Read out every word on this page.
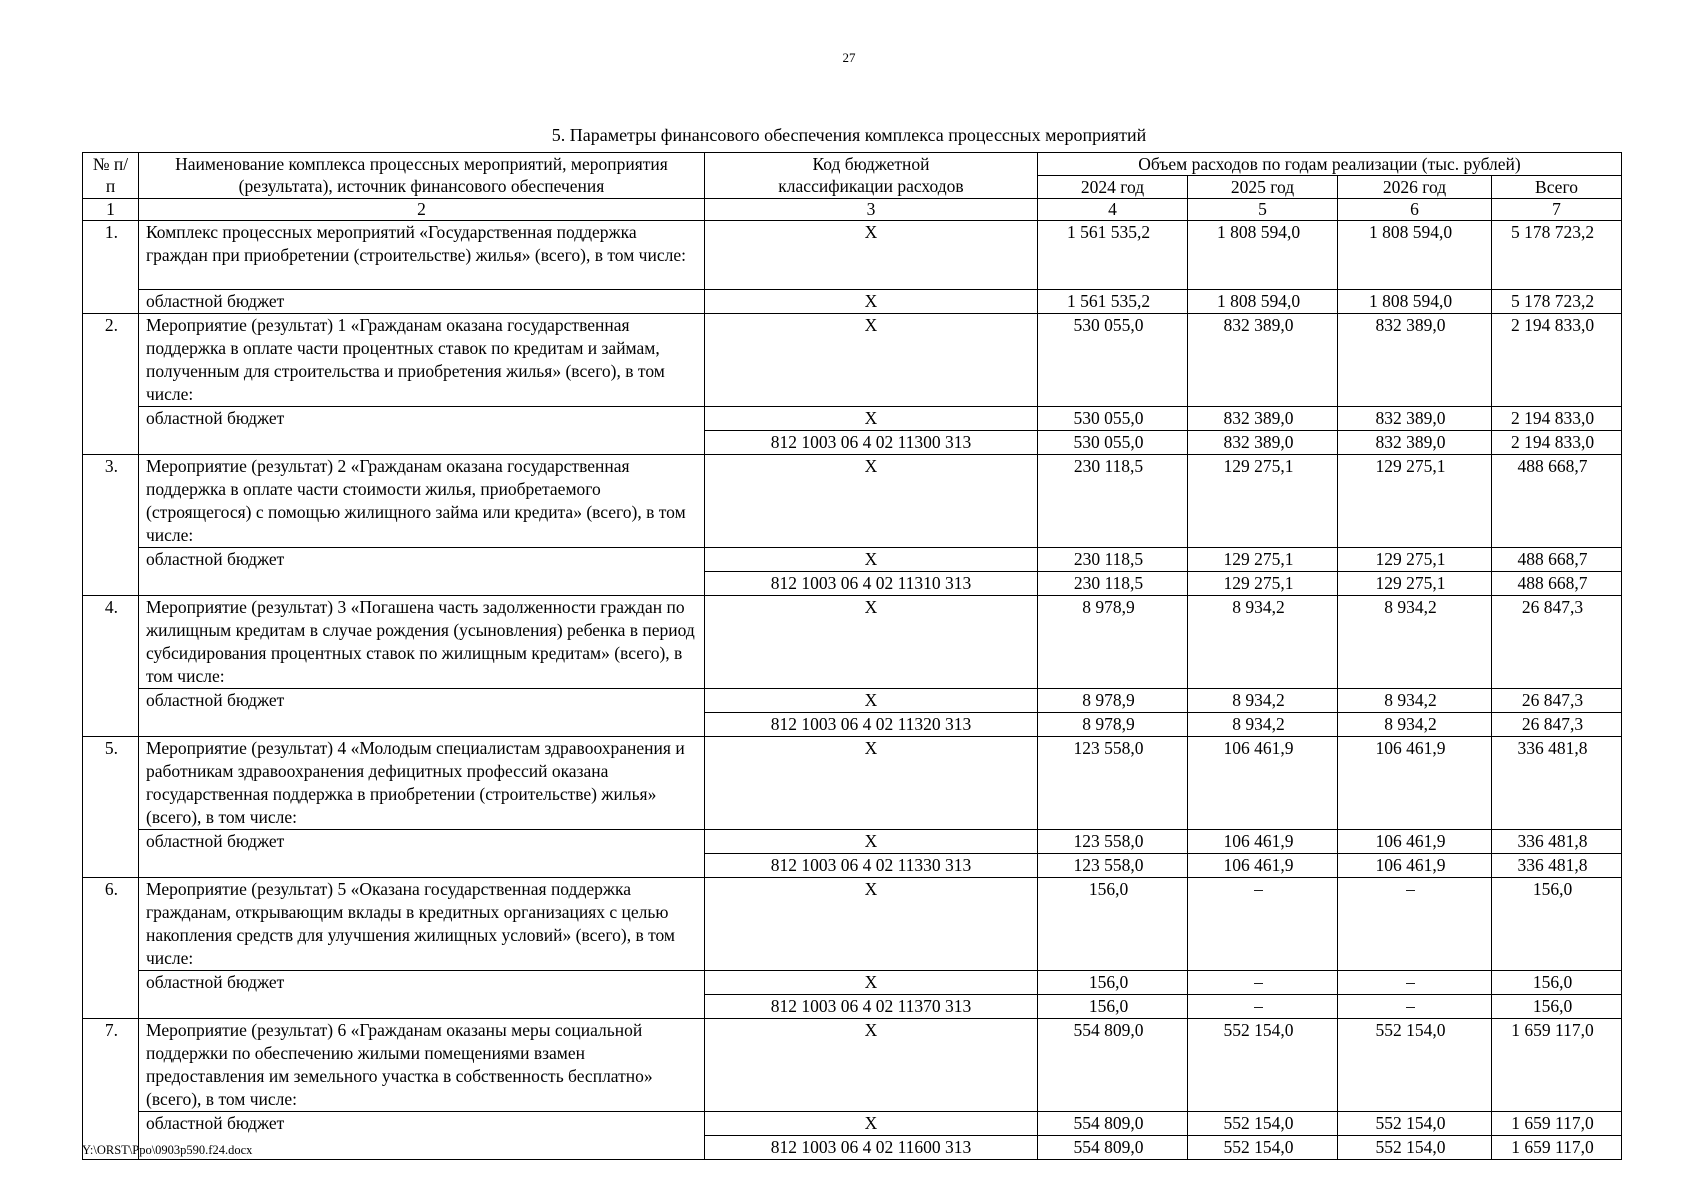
27
5. Параметры финансового обеспечения комплекса процессных мероприятий
№ п/п	Наименование комплекса процессных мероприятий, мероприятия (результата), источник финансового обеспечения	Код бюджетной классификации расходов	Объем расходов по годам реализации (тыс. рублей)			
			2024 год	2025 год	2026 год	Всего
1	2	3	4	5	6	7
1.	Комплекс процессных мероприятий «Государственная поддержка граждан при приобретении (строительстве) жилья» (всего), в том числе:	X	1 561 535,2	1 808 594,0	1 808 594,0	5 178 723,2
	областной бюджет	X	1 561 535,2	1 808 594,0	1 808 594,0	5 178 723,2
2.	Мероприятие (результат) 1 «Гражданам оказана государственная поддержка в оплате части процентных ставок по кредитам и займам, полученным для строительства и приобретения жилья» (всего), в том числе:	X	530 055,0	832 389,0	832 389,0	2 194 833,0
	областной бюджет	X	530 055,0	832 389,0	832 389,0	2 194 833,0
		812 1003 06 4 02 11300 313	530 055,0	832 389,0	832 389,0	2 194 833,0
3.	Мероприятие (результат) 2 «Гражданам оказана государственная поддержка в оплате части стоимости жилья, приобретаемого (строящегося) с помощью жилищного займа или кредита» (всего), в том числе:	X	230 118,5	129 275,1	129 275,1	488 668,7
	областной бюджет	X	230 118,5	129 275,1	129 275,1	488 668,7
		812 1003 06 4 02 11310 313	230 118,5	129 275,1	129 275,1	488 668,7
4.	Мероприятие (результат) 3 «Погашена часть задолженности граждан по жилищным кредитам в случае рождения (усыновления) ребенка в период субсидирования процентных ставок по жилищным кредитам» (всего), в том числе:	X	8 978,9	8 934,2	8 934,2	26 847,3
	областной бюджет	X	8 978,9	8 934,2	8 934,2	26 847,3
		812 1003 06 4 02 11320 313	8 978,9	8 934,2	8 934,2	26 847,3
5.	Мероприятие (результат) 4 «Молодым специалистам здравоохранения и работникам здравоохранения дефицитных профессий оказана государственная поддержка в приобретении (строительстве) жилья» (всего), в том числе:	X	123 558,0	106 461,9	106 461,9	336 481,8
	областной бюджет	X	123 558,0	106 461,9	106 461,9	336 481,8
		812 1003 06 4 02 11330 313	123 558,0	106 461,9	106 461,9	336 481,8
6.	Мероприятие (результат) 5 «Оказана государственная поддержка гражданам, открывающим вклады в кредитных организациях с целью накопления средств для улучшения жилищных условий» (всего), в том числе:	X	156,0	–	–	156,0
	областной бюджет	X	156,0	–	–	156,0
		812 1003 06 4 02 11370 313	156,0	–	–	156,0
7.	Мероприятие (результат) 6 «Гражданам оказаны меры социальной поддержки по обеспечению жилыми помещениями взамен предоставления им земельного участка в собственность бесплатно» (всего), в том числе:	X	554 809,0	552 154,0	552 154,0	1 659 117,0
	областной бюджет	X	554 809,0	552 154,0	552 154,0	1 659 117,0
		812 1003 06 4 02 11600 313	554 809,0	552 154,0	552 154,0	1 659 117,0
Y:\ORST\Ppo\0903p590.f24.docx
